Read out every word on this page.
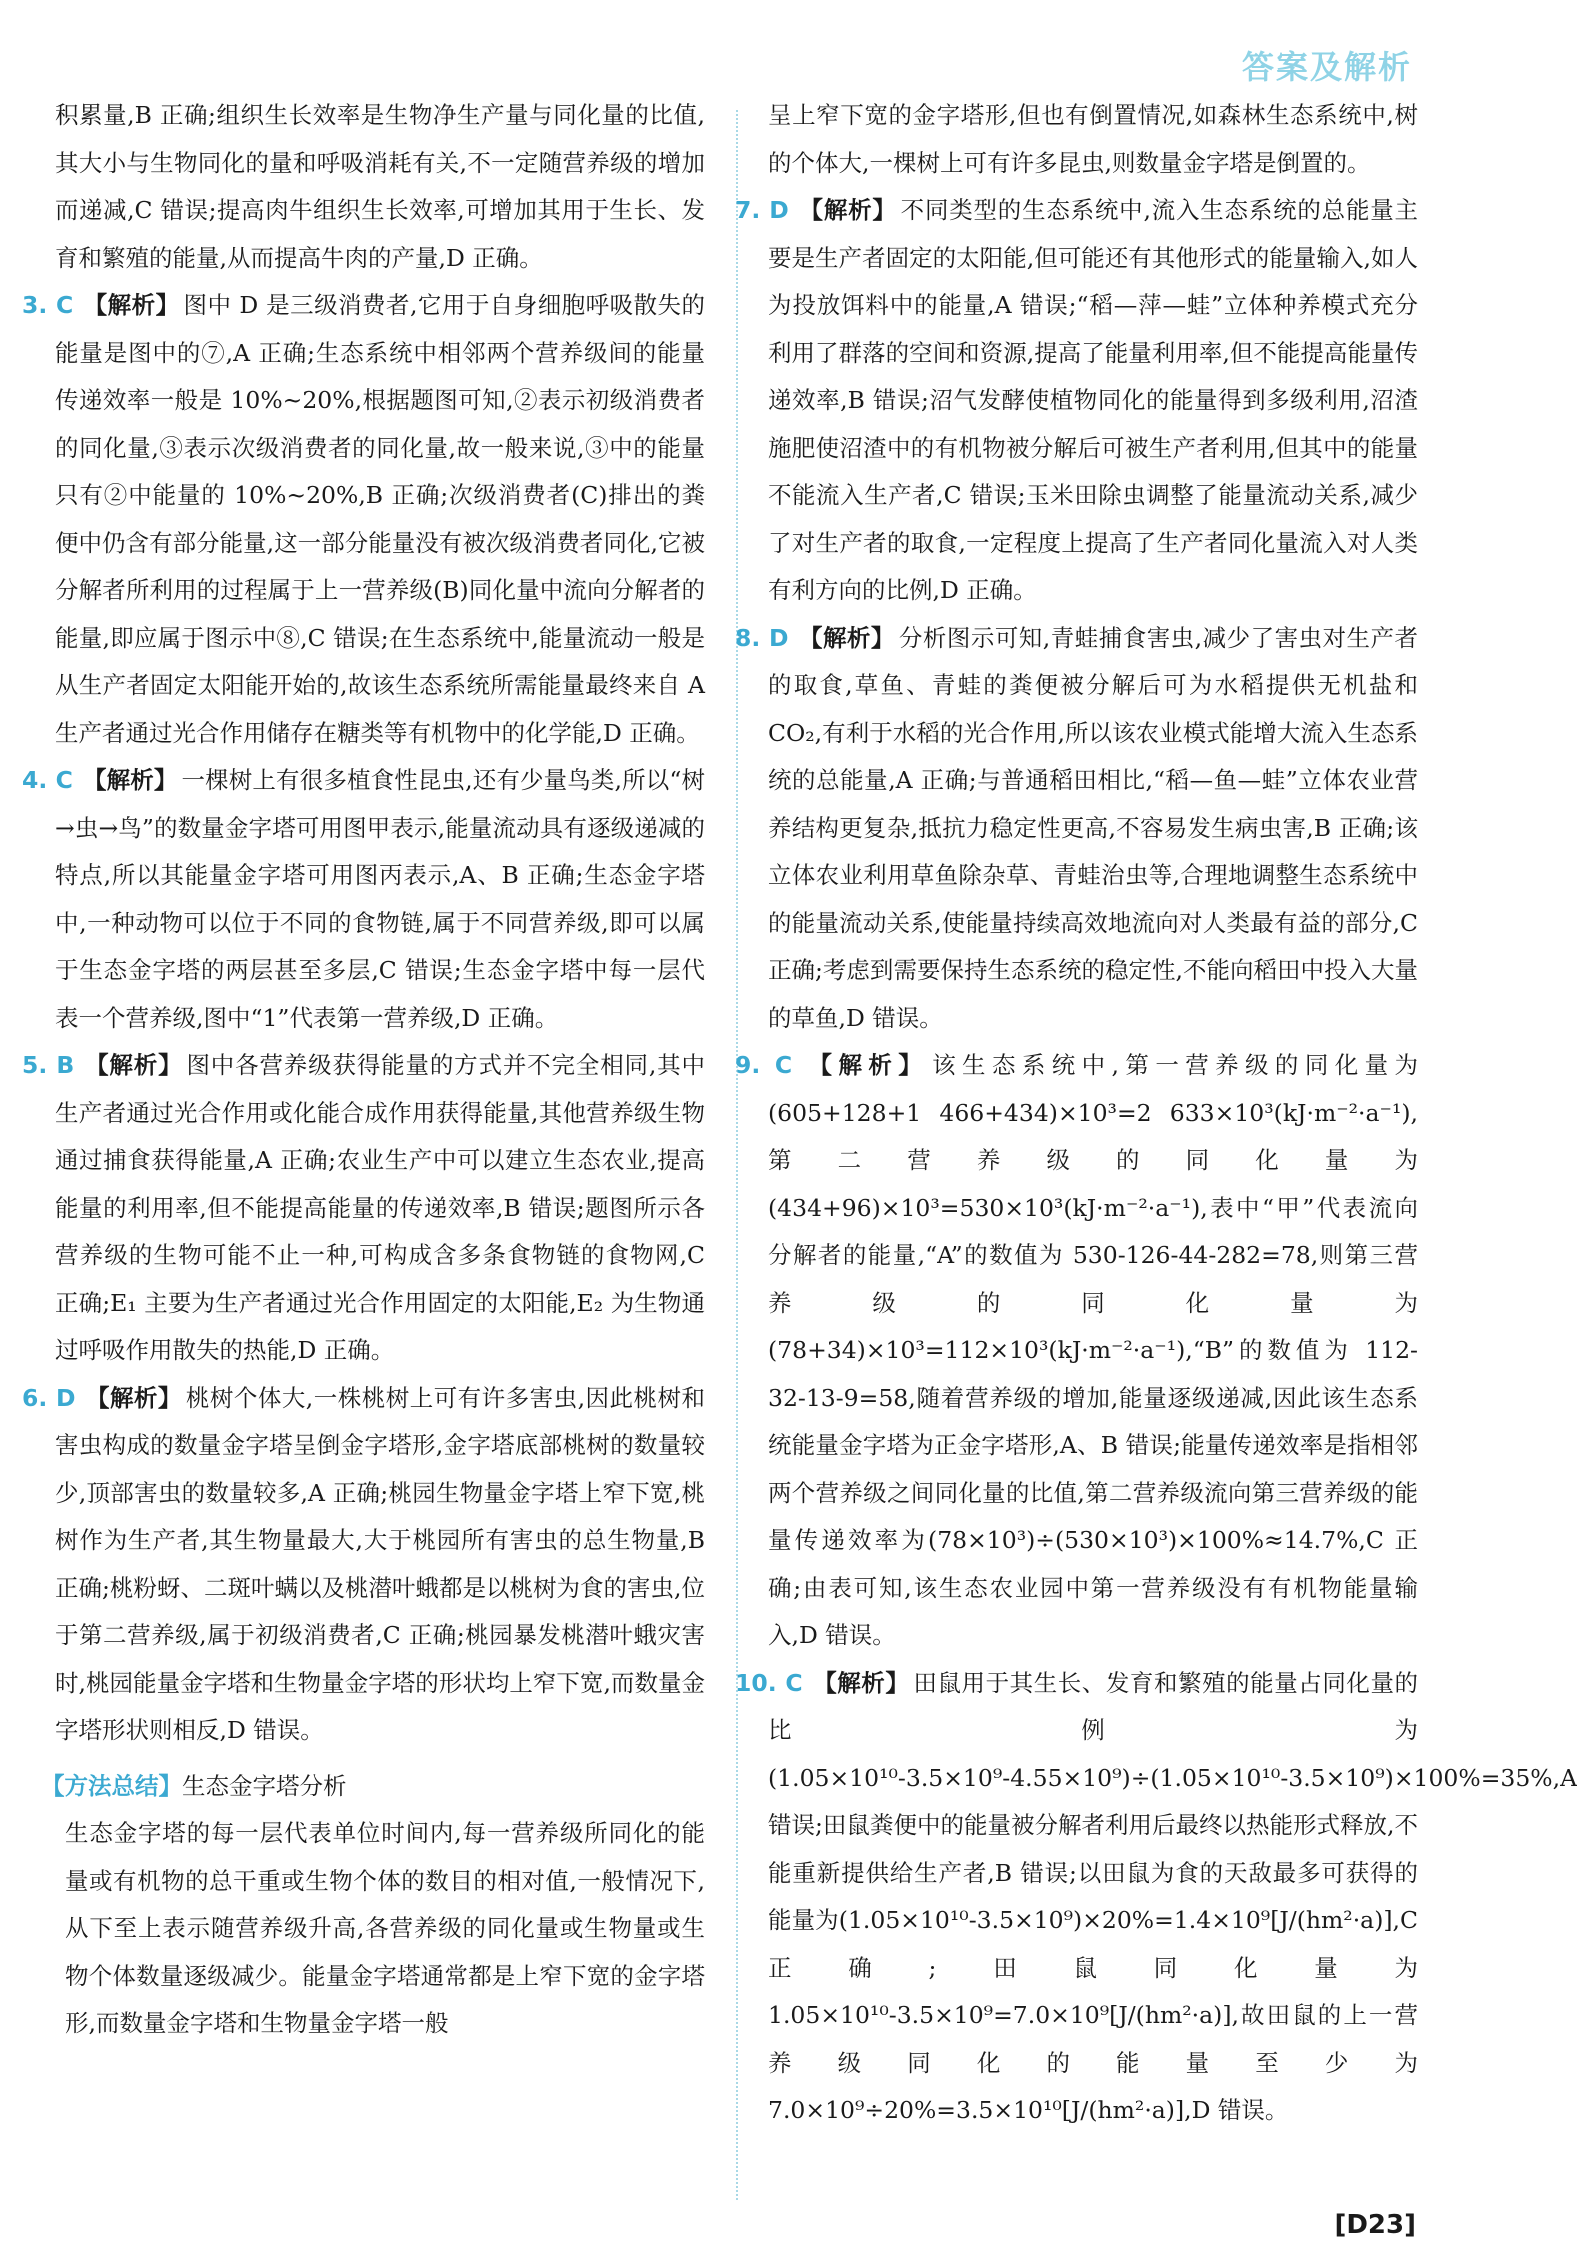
答案及解析

积累量,B 正确;组织生长效率是生物净生产量与同化量的比值,其大小与生物同化的量和呼吸消耗有关,不一定随营养级的增加而递减,C 错误;提高肉牛组织生长效率,可增加其用于生长、发育和繁殖的能量,从而提高牛肉的产量,D 正确。

3. C 【解析】 图中 D 是三级消费者,它用于自身细胞呼吸散失的能量是图中的⑦,A 正确;生态系统中相邻两个营养级间的能量传递效率一般是 10%~20%,根据题图可知,②表示初级消费者的同化量,③表示次级消费者的同化量,故一般来说,③中的能量只有②中能量的 10%~20%,B 正确;次级消费者(C)排出的粪便中仍含有部分能量,这一部分能量没有被次级消费者同化,它被分解者所利用的过程属于上一营养级(B)同化量中流向分解者的能量,即应属于图示中⑧,C 错误;在生态系统中,能量流动一般是从生产者固定太阳能开始的,故该生态系统所需能量最终来自 A 生产者通过光合作用储存在糖类等有机物中的化学能,D 正确。

4. C 【解析】 一棵树上有很多植食性昆虫,还有少量鸟类,所以“树→虫→鸟”的数量金字塔可用图甲表示,能量流动具有逐级递减的特点,所以其能量金字塔可用图丙表示,A、B 正确;生态金字塔中,一种动物可以位于不同的食物链,属于不同营养级,即可以属于生态金字塔的两层甚至多层,C 错误;生态金字塔中每一层代表一个营养级,图中“1”代表第一营养级,D 正确。

5. B 【解析】 图中各营养级获得能量的方式并不完全相同,其中生产者通过光合作用或化能合成作用获得能量,其他营养级生物通过捕食获得能量,A 正确;农业生产中可以建立生态农业,提高能量的利用率,但不能提高能量的传递效率,B 错误;题图所示各营养级的生物可能不止一种,可构成含多条食物链的食物网,C 正确;E₁ 主要为生产者通过光合作用固定的太阳能,E₂ 为生物通过呼吸作用散失的热能,D 正确。

6. D 【解析】 桃树个体大,一株桃树上可有许多害虫,因此桃树和害虫构成的数量金字塔呈倒金字塔形,金字塔底部桃树的数量较少,顶部害虫的数量较多,A 正确;桃园生物量金字塔上窄下宽,桃树作为生产者,其生物量最大,大于桃园所有害虫的总生物量,B 正确;桃粉蚜、二斑叶螨以及桃潜叶蛾都是以桃树为食的害虫,位于第二营养级,属于初级消费者,C 正确;桃园暴发桃潜叶蛾灾害时,桃园能量金字塔和生物量金字塔的形状均上窄下宽,而数量金字塔形状则相反,D 错误。

【方法总结】生态金字塔分析
生态金字塔的每一层代表单位时间内,每一营养级所同化的能量或有机物的总干重或生物个体的数目的相对值,一般情况下,从下至上表示随营养级升高,各营养级的同化量或生物量或生物个体数量逐级减少。能量金字塔通常都是上窄下宽的金字塔形,而数量金字塔和生物量金字塔一般

呈上窄下宽的金字塔形,但也有倒置情况,如森林生态系统中,树的个体大,一棵树上可有许多昆虫,则数量金字塔是倒置的。

7. D 【解析】 不同类型的生态系统中,流入生态系统的总能量主要是生产者固定的太阳能,但可能还有其他形式的能量输入,如人为投放饵料中的能量,A 错误;“稻—萍—蛙”立体种养模式充分利用了群落的空间和资源,提高了能量利用率,但不能提高能量传递效率,B 错误;沼气发酵使植物同化的能量得到多级利用,沼渣施肥使沼渣中的有机物被分解后可被生产者利用,但其中的能量不能流入生产者,C 错误;玉米田除虫调整了能量流动关系,减少了对生产者的取食,一定程度上提高了生产者同化量流入对人类有利方向的比例,D 正确。

8. D 【解析】 分析图示可知,青蛙捕食害虫,减少了害虫对生产者的取食,草鱼、青蛙的粪便被分解后可为水稻提供无机盐和 CO₂,有利于水稻的光合作用,所以该农业模式能增大流入生态系统的总能量,A 正确;与普通稻田相比,“稻—鱼—蛙”立体农业营养结构更复杂,抵抗力稳定性更高,不容易发生病虫害,B 正确;该立体农业利用草鱼除杂草、青蛙治虫等,合理地调整生态系统中的能量流动关系,使能量持续高效地流向对人类最有益的部分,C 正确;考虑到需要保持生态系统的稳定性,不能向稻田中投入大量的草鱼,D 错误。

9. C 【解析】 该生态系统中,第一营养级的同化量为(605+128+1 466+434)×10³=2 633×10³(kJ·m⁻²·a⁻¹),第二营养级的同化量为(434+96)×10³=530×10³(kJ·m⁻²·a⁻¹),表中“甲”代表流向分解者的能量,“A”的数值为 530-126-44-282=78,则第三营养级的同化量为(78+34)×10³=112×10³(kJ·m⁻²·a⁻¹),“B”的数值为 112-32-13-9=58,随着营养级的增加,能量逐级递减,因此该生态系统能量金字塔为正金字塔形,A、B 错误;能量传递效率是指相邻两个营养级之间同化量的比值,第二营养级流向第三营养级的能量传递效率为(78×10³)÷(530×10³)×100%≈14.7%,C 正确;由表可知,该生态农业园中第一营养级没有有机物能量输入,D 错误。

10. C 【解析】 田鼠用于其生长、发育和繁殖的能量占同化量的比例为(1.05×10¹⁰-3.5×10⁹-4.55×10⁹)÷(1.05×10¹⁰-3.5×10⁹)×100%=35%,A 错误;田鼠粪便中的能量被分解者利用后最终以热能形式释放,不能重新提供给生产者,B 错误;以田鼠为食的天敌最多可获得的能量为(1.05×10¹⁰-3.5×10⁹)×20%=1.4×10⁹[J/(hm²·a)],C 正确;田鼠同化量为 1.05×10¹⁰-3.5×10⁹=7.0×10⁹[J/(hm²·a)],故田鼠的上一营养级同化的能量至少为 7.0×10⁹÷20%=3.5×10¹⁰[J/(hm²·a)],D 错误。

​
[D23]
